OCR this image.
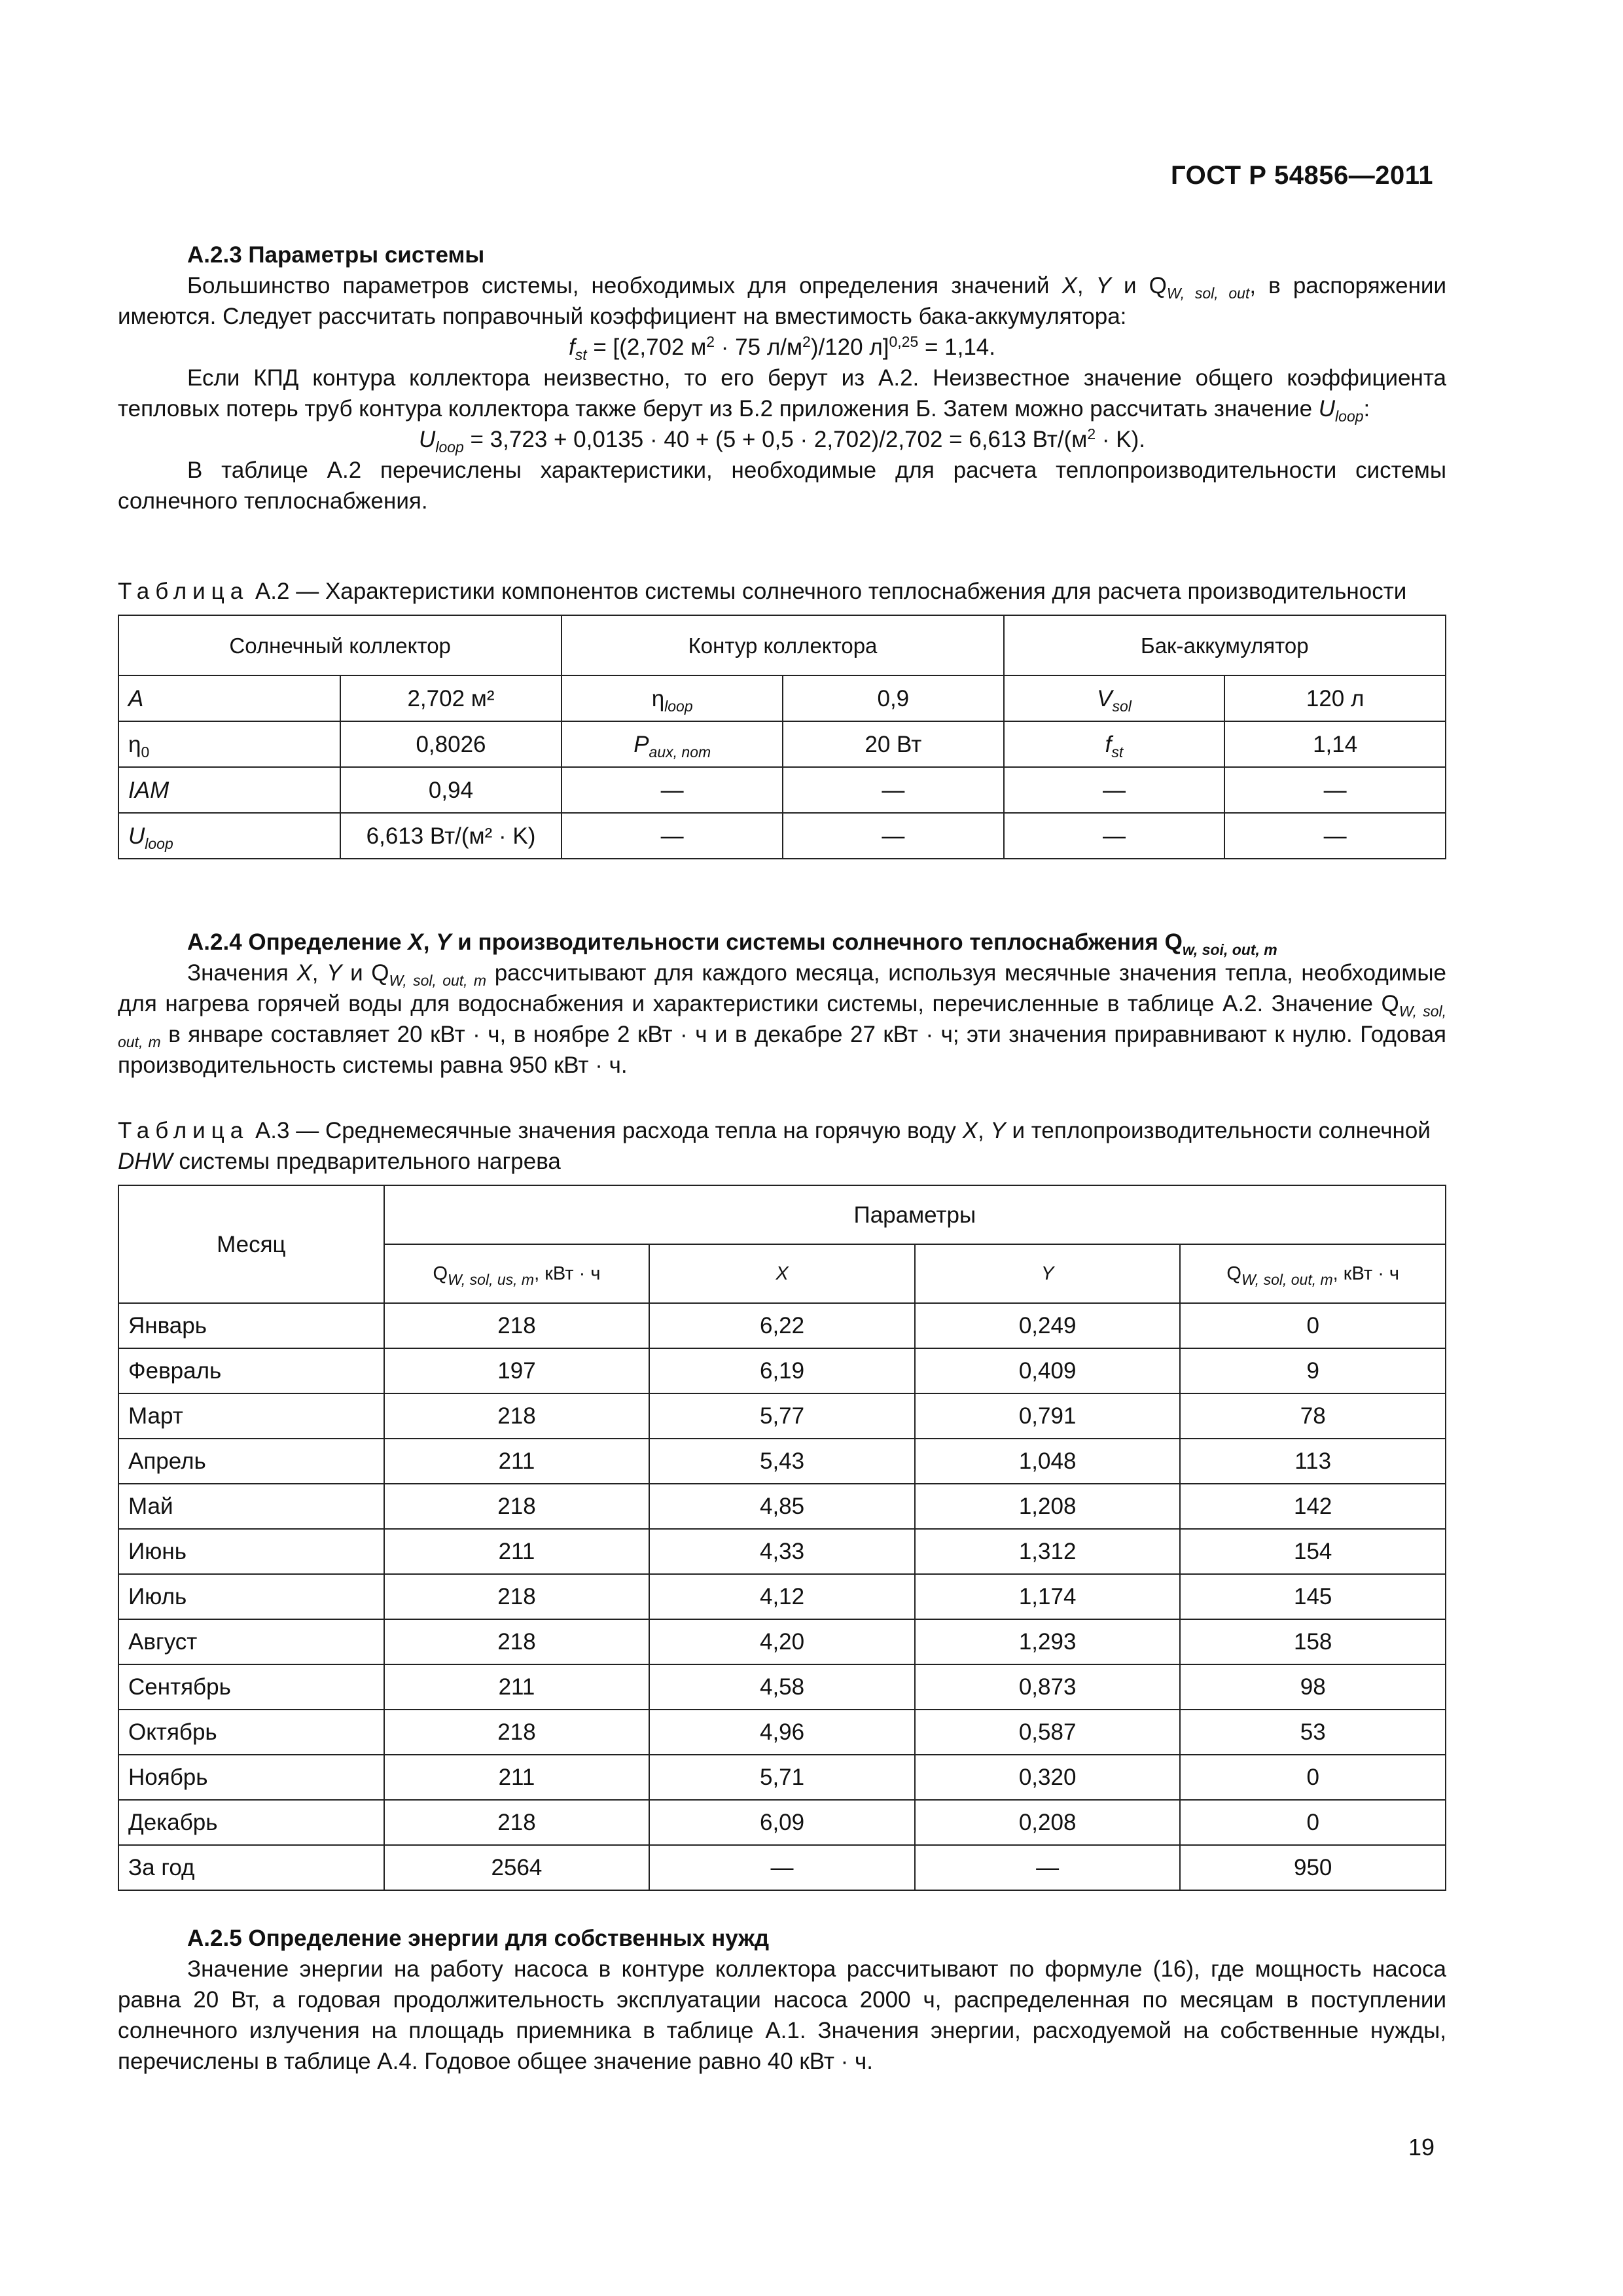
ГОСТ Р 54856—2011

А.2.3 Параметры системы

Большинство параметров системы, необходимых для определения значений X, Y и $Q_{W, sol, out}$, в распоряжении имеются. Следует рассчитать поправочный коэффициент на вместимость бака-аккумулятора:

$f_{st} = [(2,702$ $м^2 \cdot 75$ $л/м^2)/120$ л]$^{0,25}$ = 1,14.

Если КПД контура коллектора неизвестно, то его берут из А.2. Неизвестное значение общего коэффициента тепловых потерь труб контура коллектора также берут из Б.2 приложения Б. Затем можно рассчитать значение $U_{loop}$:

$U_{loop} = 3,723 + 0,0135 \cdot 40 + (5 + 0,5 \cdot 2,702)/2,702 = 6,613$ $Вт/(м^2 \cdot K)$.

В таблице А.2 перечислены характеристики, необходимые для расчета теплопроизводительности системы солнечного теплоснабжения.

Таблица А.2 — Характеристики компонентов системы солнечного теплоснабжения для расчета производительности

Солнечный коллектор		Контур коллектора		Бак-аккумулятор	
A	2,702 м²	$\eta_{loop}$	0,9	$V_{sol}$	120 л
$\eta_0$	0,8026	$P_{aux, nom}$	20 Вт	$f_{st}$	1,14
IAM	0,94	—	—	—	—
$U_{loop}$	6,613 Вт/(м² · K)	—	—	—	—

А.2.4 Определение X, Y и производительности системы солнечного теплоснабжения $Q_{w, soi, out, m}$

Значения X, Y и $Q_{W, sol, out, m}$ рассчитывают для каждого месяца, используя месячные значения тепла, необходимые для нагрева горячей воды для водоснабжения и характеристики системы, перечисленные в таблице А.2. Значение $Q_{W, sol, out, m}$ в январе составляет 20 кВт · ч, в ноябре 2 кВт · ч и в декабре 27 кВт · ч; эти значения приравнивают к нулю. Годовая производительность системы равна 950 кВт · ч.

Таблица А.3 — Среднемесячные значения расхода тепла на горячую воду X, Y и теплопроизводительности солнечной DHW системы предварительного нагрева

Месяц	Параметры			
	$Q_{W, sol, us, m}$, кВт · ч	X	Y	$Q_{W, sol, out, m}$, кВт · ч
Январь	218	6,22	0,249	0
Февраль	197	6,19	0,409	9
Март	218	5,77	0,791	78
Апрель	211	5,43	1,048	113
Май	218	4,85	1,208	142
Июнь	211	4,33	1,312	154
Июль	218	4,12	1,174	145
Август	218	4,20	1,293	158
Сентябрь	211	4,58	0,873	98
Октябрь	218	4,96	0,587	53
Ноябрь	211	5,71	0,320	0
Декабрь	218	6,09	0,208	0
За год	2564	—	—	950

А.2.5 Определение энергии для собственных нужд

Значение энергии на работу насоса в контуре коллектора рассчитывают по формуле (16), где мощность насоса равна 20 Вт, а годовая продолжительность эксплуатации насоса 2000 ч, распределенная по месяцам в поступлении солнечного излучения на площадь приемника в таблице А.1. Значения энергии, расходуемой на собственные нужды, перечислены в таблице А.4. Годовое общее значение равно 40 кВт · ч.

19
